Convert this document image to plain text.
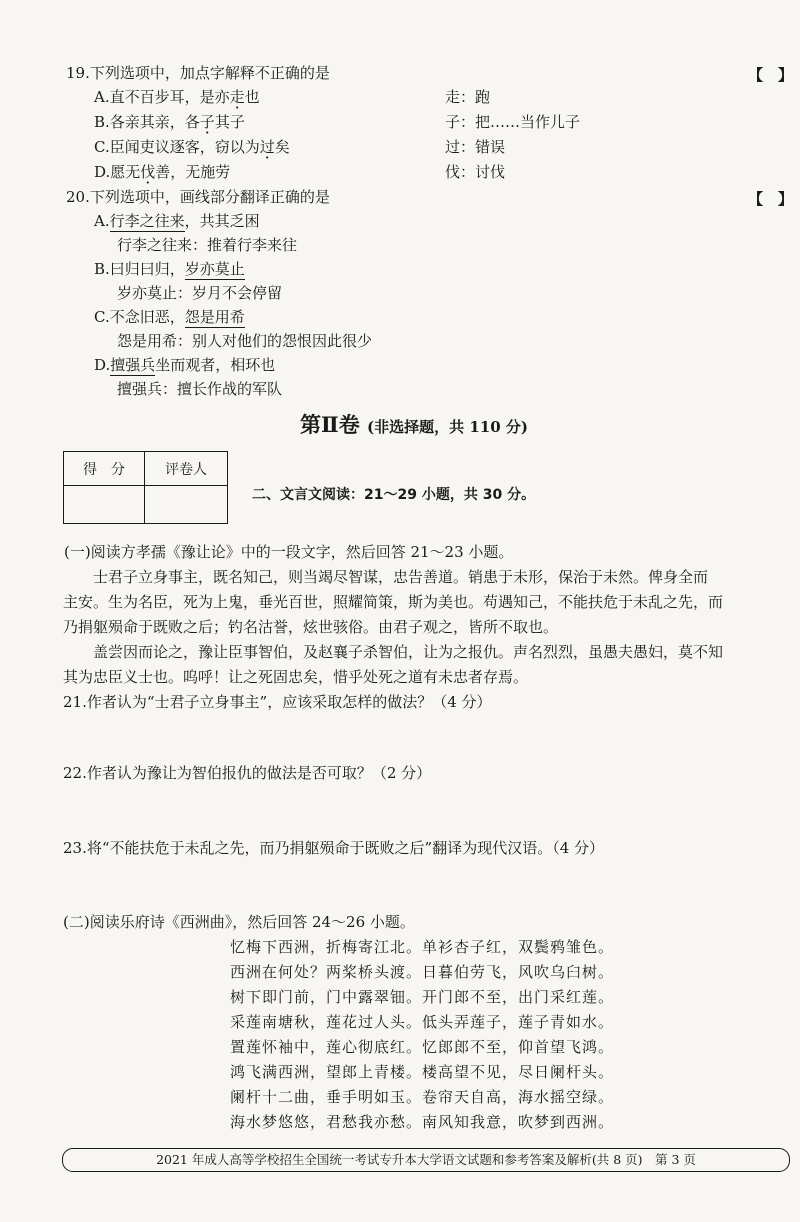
19.下列选项中，加点字解释不正确的是	【　】
A.直不百步耳，是亦走也	走：跑
B.各亲其亲，各子其子	子：把……当作儿子
C.臣闻吏议逐客，窃以为过矣	过：错误
D.愿无伐善，无施劳	伐：讨伐
20.下列选项中，画线部分翻译正确的是	【　】
A.行李之往来，共其乏困
行李之往来：推着行李来往
B.曰归曰归，岁亦莫止
岁亦莫止：岁月不会停留
C.不念旧恶，怨是用希
怨是用希：别人对他们的怨恨因此很少
D.擅强兵坐而观者，相环也
擅强兵：擅长作战的军队
第Ⅱ卷 (非选择题，共 110 分)
得　分	评卷人

二、文言文阅读：21～29 小题，共 30 分。
(一)阅读方孝孺《豫让论》中的一段文字，然后回答 21～23 小题。
士君子立身事主，既名知己，则当竭尽智谋，忠告善道。销患于未形，保治于未然。俾身全而
主安。生为名臣，死为上鬼，垂光百世，照耀简策，斯为美也。苟遇知己，不能扶危于未乱之先，而
乃捐躯殒命于既败之后；钓名沽誉，炫世骇俗。由君子观之，皆所不取也。
盖尝因而论之，豫让臣事智伯，及赵襄子杀智伯，让为之报仇。声名烈烈，虽愚夫愚妇，莫不知
其为忠臣义士也。呜呼！让之死固忠矣，惜乎处死之道有未忠者存焉。
21.作者认为“士君子立身事主”，应该采取怎样的做法？（4 分）
22.作者认为豫让为智伯报仇的做法是否可取？（2 分）
23.将“不能扶危于未乱之先，而乃捐躯殒命于既败之后”翻译为现代汉语。（4 分）
(二)阅读乐府诗《西洲曲》，然后回答 24～26 小题。
忆梅下西洲，折梅寄江北。单衫杏子红，双鬓鸦雏色。
西洲在何处？两桨桥头渡。日暮伯劳飞，风吹乌臼树。
树下即门前，门中露翠钿。开门郎不至，出门采红莲。
采莲南塘秋，莲花过人头。低头弄莲子，莲子青如水。
置莲怀袖中，莲心彻底红。忆郎郎不至，仰首望飞鸿。
鸿飞满西洲，望郎上青楼。楼高望不见，尽日阑杆头。
阑杆十二曲，垂手明如玉。卷帘天自高，海水摇空绿。
海水梦悠悠，君愁我亦愁。南风知我意，吹梦到西洲。
2021 年成人高等学校招生全国统一考试专升本大学语文试题和参考答案及解析(共 8 页)　第 3 页
